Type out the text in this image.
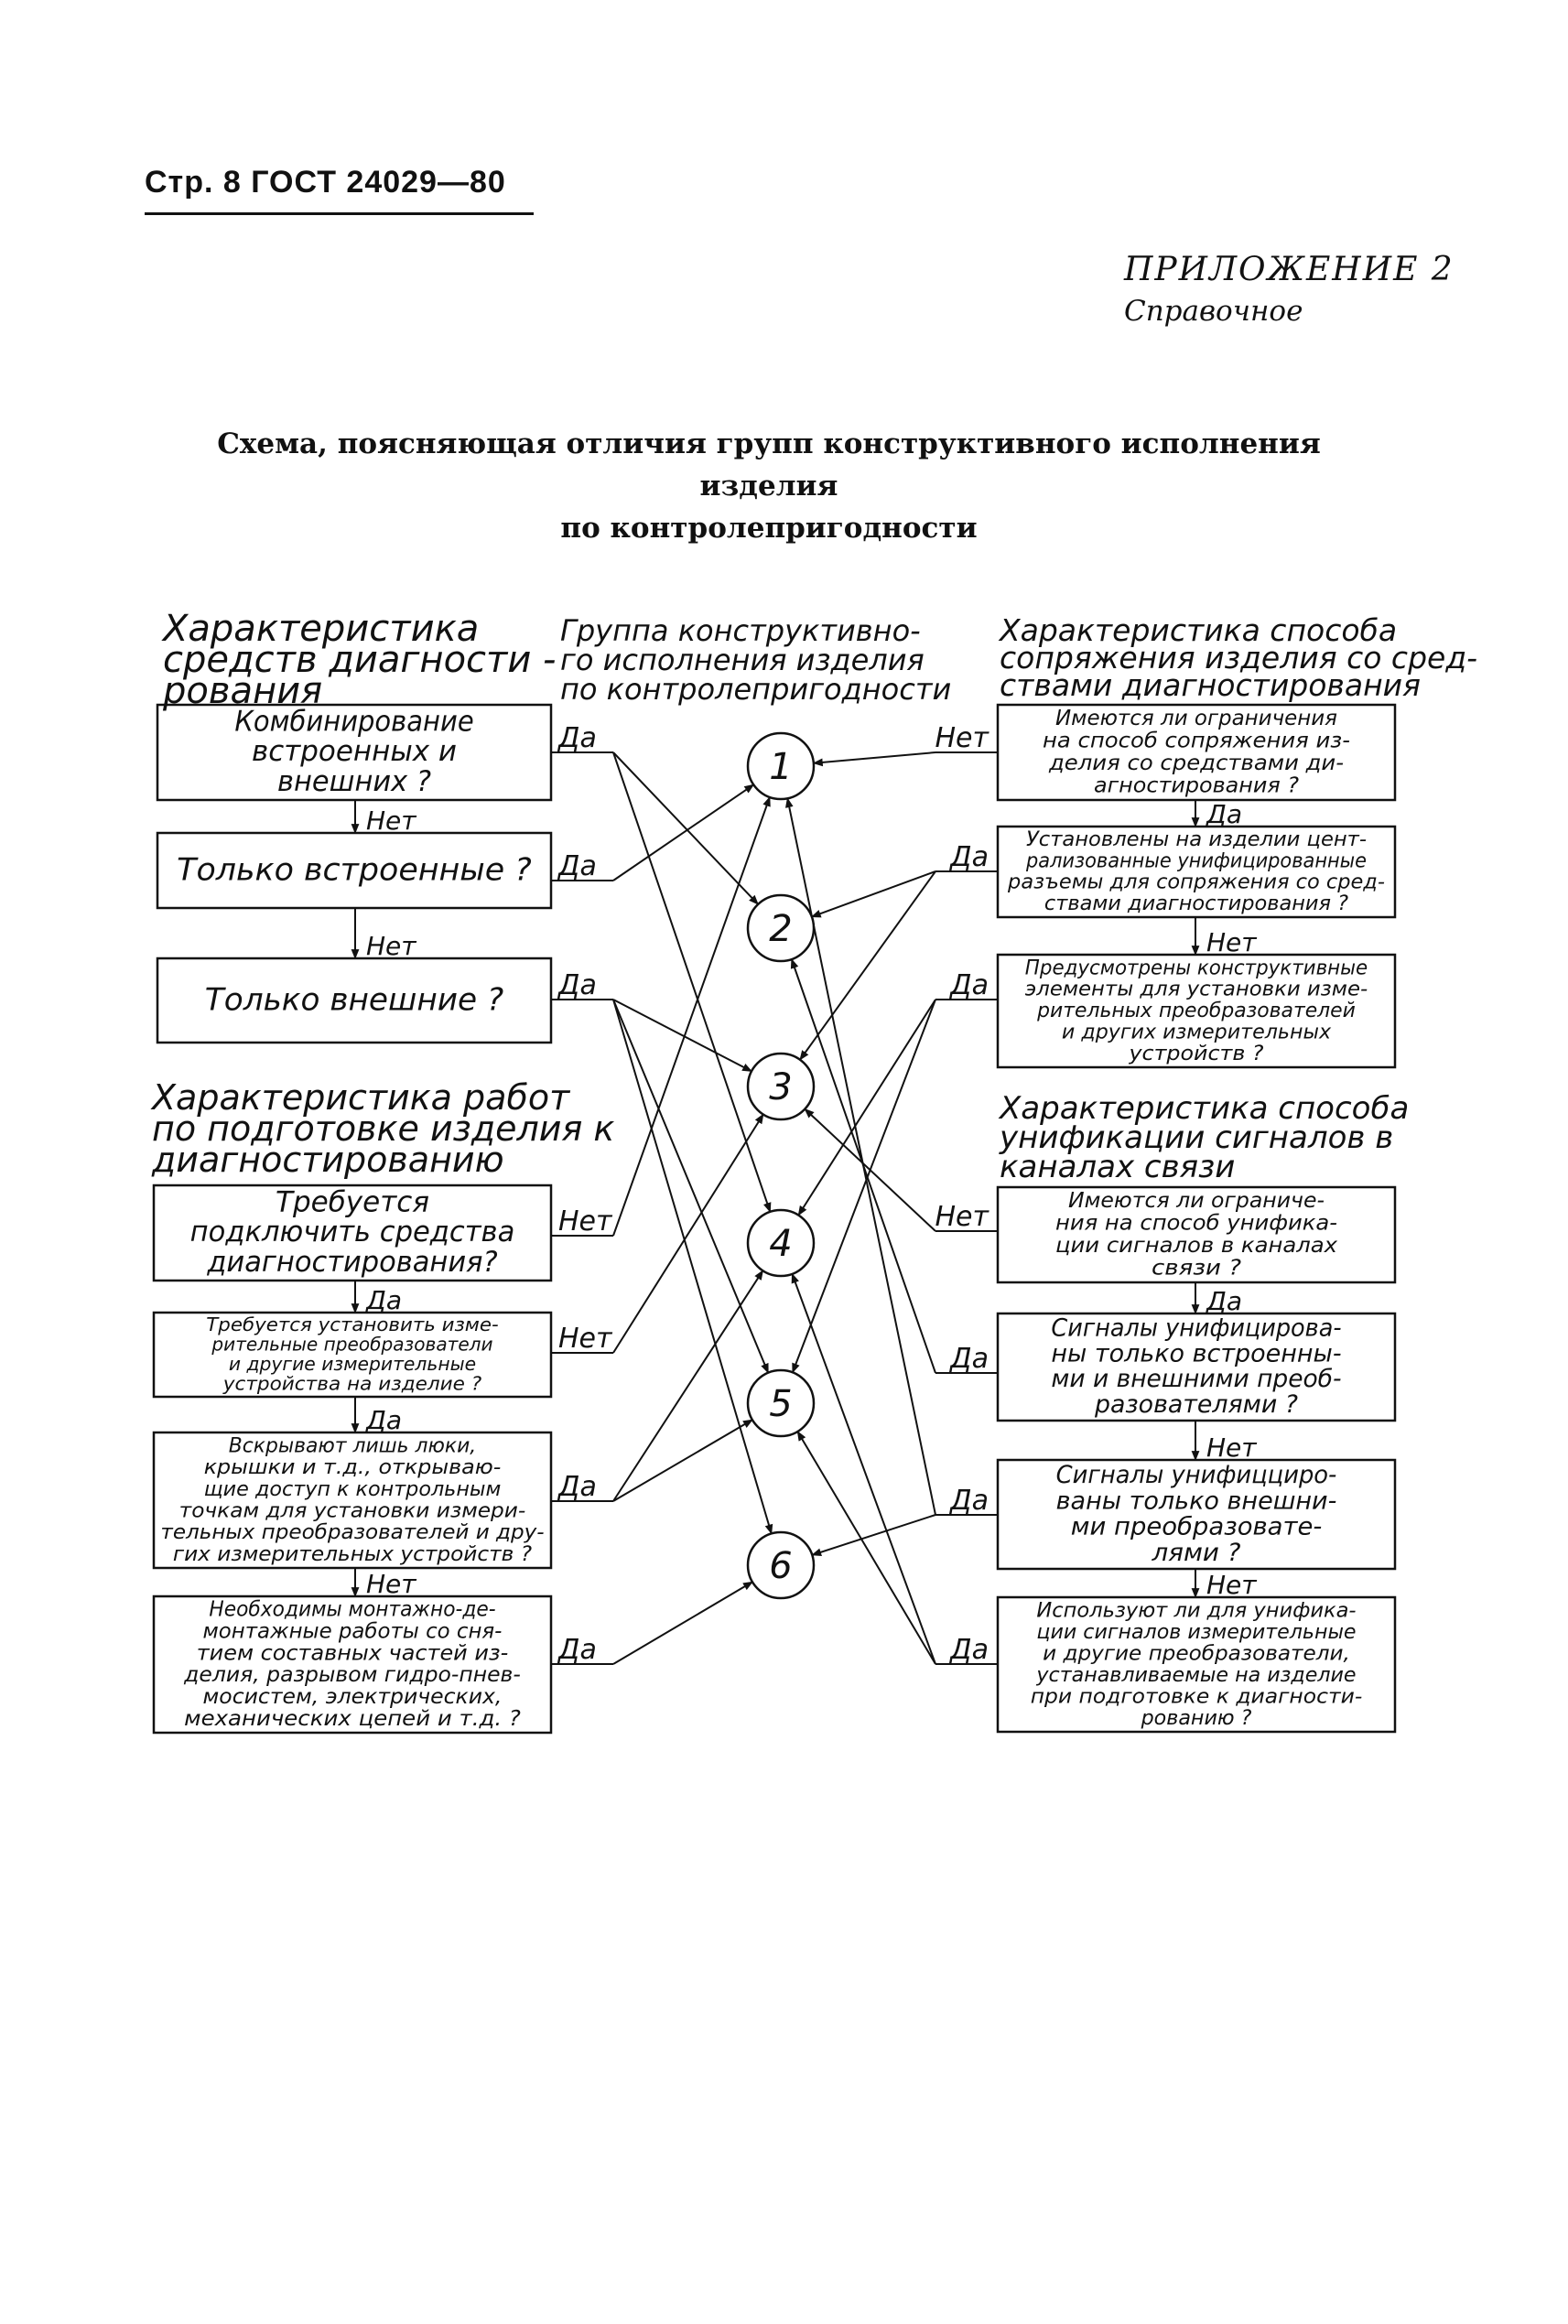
Стр. 8 ГОСТ 24029—80
ПРИЛОЖЕНИЕ 2
Справочное
Схема, поясняющая отличия групп конструктивного исполнения изделия
по контролепригодности
1
2
3
4
5
6
Характеристика
средств диагности -
рования
Группа конструктивно-
го исполнения изделия
по контролепригодности
Характеристика способа
сопряжения изделия со сред-
ствами диагностирования
Характеристика работ
по подготовке изделия к
диагностированию
Характеристика способа
унификации сигналов в
каналах связи
Нет
Нет
Да
Да
Нет
Да
Нет
Да
Нет
Нет
Да
Да
Да
Нет
Нет
Да
Да
Нет
Да
Да
Нет
Да
Да
Да
Комбинирование
встроенных и
внешних ?
Только встроенные ?
Только внешние ?
Требуется
подключить средства
диагностирования?
Требуется установить изме-
рительные преобразователи
и другие измерительные
устройства на изделие ?
Вскрывают лишь люки,
крышки и т.д., открываю-
щие доступ к контрольным
точкам для установки измери-
тельных преобразователей и дру-
гих измерительных устройств ?
Необходимы монтажно-де-
монтажные работы со сня-
тием составных частей из-
делия, разрывом гидро-пнев-
мосистем, электрических,
механических цепей и т.д. ?
Имеются ли ограничения
на способ сопряжения из-
делия со средствами ди-
агностирования ?
Установлены на изделии цент-
рализованные унифицированные
разъемы для сопряжения со сред-
ствами диагностирования ?
Предусмотрены конструктивные
элементы для установки изме-
рительных преобразователей
и других измерительных
устройств ?
Имеются ли ограниче-
ния на способ унифика-
ции сигналов в каналах
связи ?
Сигналы унифицирова-
ны только встроенны-
ми и внешними преоб-
разователями ?
Сигналы унифицциро-
ваны только внешни-
ми преобразовате-
лями ?
Используют ли для унифика-
ции сигналов измерительные
и другие преобразователи,
устанавливаемые на изделие
при подготовке к диагности-
рованию ?
